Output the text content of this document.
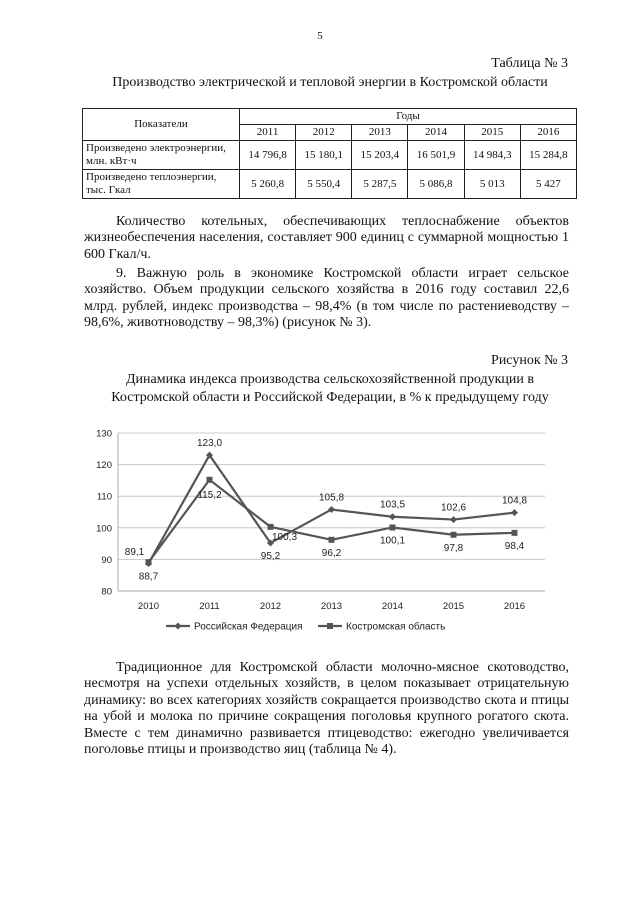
5
Таблица № 3
Производство электрической и тепловой энергии в Костромской области
Показатели	Годы					
	2011	2012	2013	2014	2015	2016
Произведено электроэнергии, млн. кВт·ч	14 796,8	15 180,1	15 203,4	16 501,9	14 984,3	15 284,8
Произведено теплоэнергии, тыс. Гкал	5 260,8	5 550,4	5 287,5	5 086,8	5 013	5 427
Количество котельных, обеспечивающих теплоснабжение объектов жизнеобеспечения населения, составляет 900 единиц с суммарной мощностью 1 600 Гкал/ч.
9. Важную роль в экономике Костромской области играет сельское хозяйство. Объем продукции сельского хозяйства в 2016 году составил 22,6 млрд. рублей, индекс производства – 98,4% (в том числе по растениеводству – 98,6%, животноводству – 98,3%) (рисунок № 3).
Рисунок № 3
Динамика индекса производства сельскохозяйственной продукции в
Костромской области и Российской Федерации, в % к предыдущему году
80
90
100
110
120
130
2010	2011	2012	2013	2014	2015	2016
88,7
123,0
95,2
105,8
103,5	102,6
104,8
89,1
115,2
100,3
96,2
100,1
97,8	98,4
Российская Федерация	Костромская область
Традиционное для Костромской области молочно-мясное скотоводство, несмотря на успехи отдельных хозяйств, в целом показывает отрицательную динамику: во всех категориях хозяйств сокращается производство скота и птицы на убой и молока по причине сокращения поголовья крупного рогатого скота. Вместе с тем динамично развивается птицеводство: ежегодно увеличивается поголовье птицы и производство яиц (таблица № 4).
